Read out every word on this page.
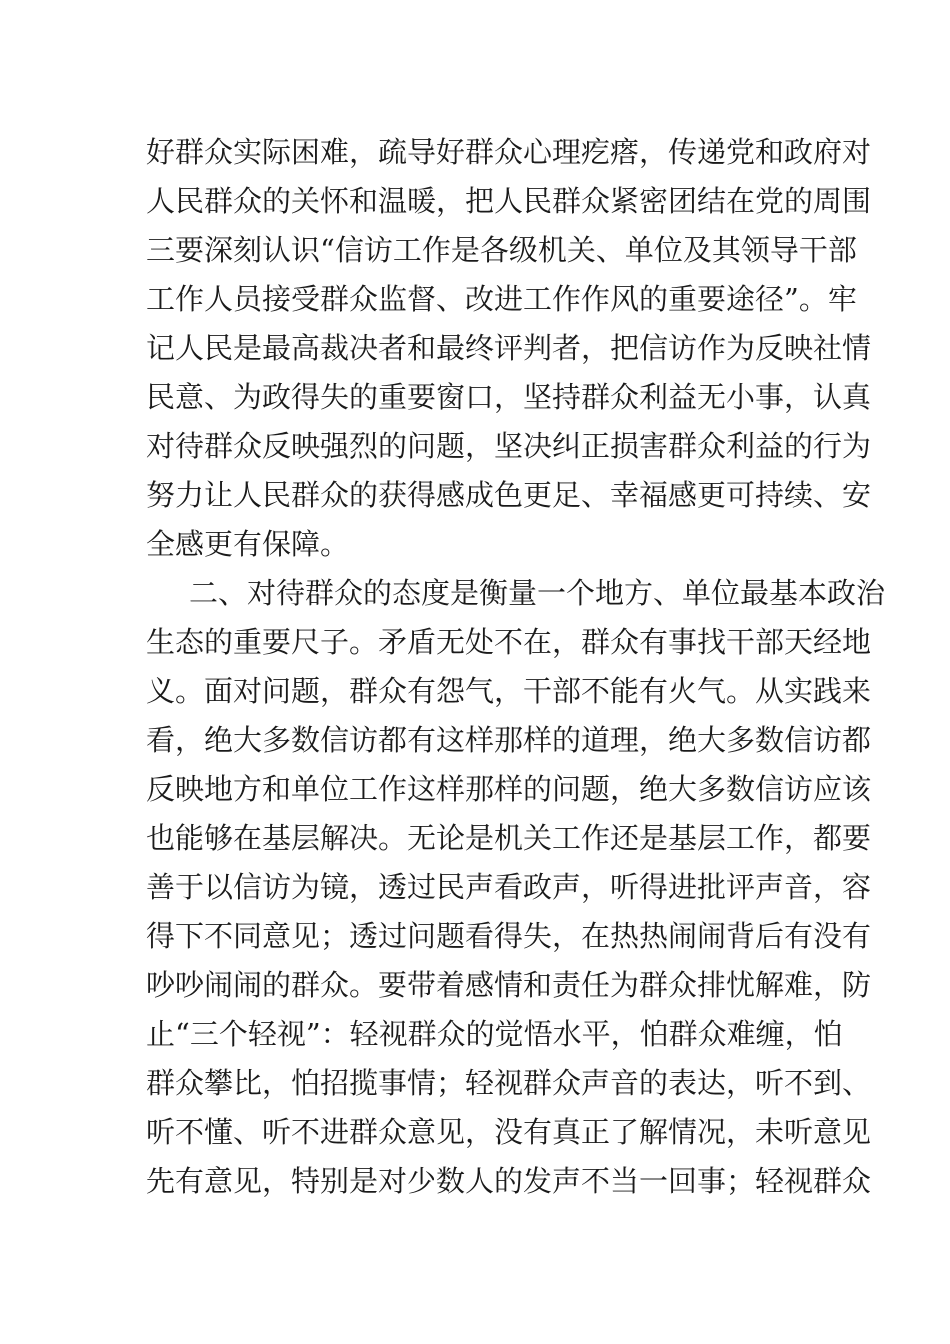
好群众实际困难，疏导好群众心理疙瘩，传递党和政府对
人民群众的关怀和温暖，把人民群众紧密团结在党的周围
三要深刻认识“信访工作是各级机关、单位及其领导干部
工作人员接受群众监督、改进工作作风的重要途径”。牢
记人民是最高裁决者和最终评判者，把信访作为反映社情
民意、为政得失的重要窗口，坚持群众利益无小事，认真
对待群众反映强烈的问题，坚决纠正损害群众利益的行为
努力让人民群众的获得感成色更足、幸福感更可持续、安
全感更有保障。
二、对待群众的态度是衡量一个地方、单位最基本政治
生态的重要尺子。矛盾无处不在，群众有事找干部天经地
义。面对问题，群众有怨气，干部不能有火气。从实践来
看，绝大多数信访都有这样那样的道理，绝大多数信访都
反映地方和单位工作这样那样的问题，绝大多数信访应该
也能够在基层解决。无论是机关工作还是基层工作，都要
善于以信访为镜，透过民声看政声，听得进批评声音，容
得下不同意见；透过问题看得失，在热热闹闹背后有没有
吵吵闹闹的群众。要带着感情和责任为群众排忧解难，防
止“三个轻视”：轻视群众的觉悟水平，怕群众难缠，怕
群众攀比，怕招揽事情；轻视群众声音的表达，听不到、
听不懂、听不进群众意见，没有真正了解情况，未听意见
先有意见，特别是对少数人的发声不当一回事；轻视群众
